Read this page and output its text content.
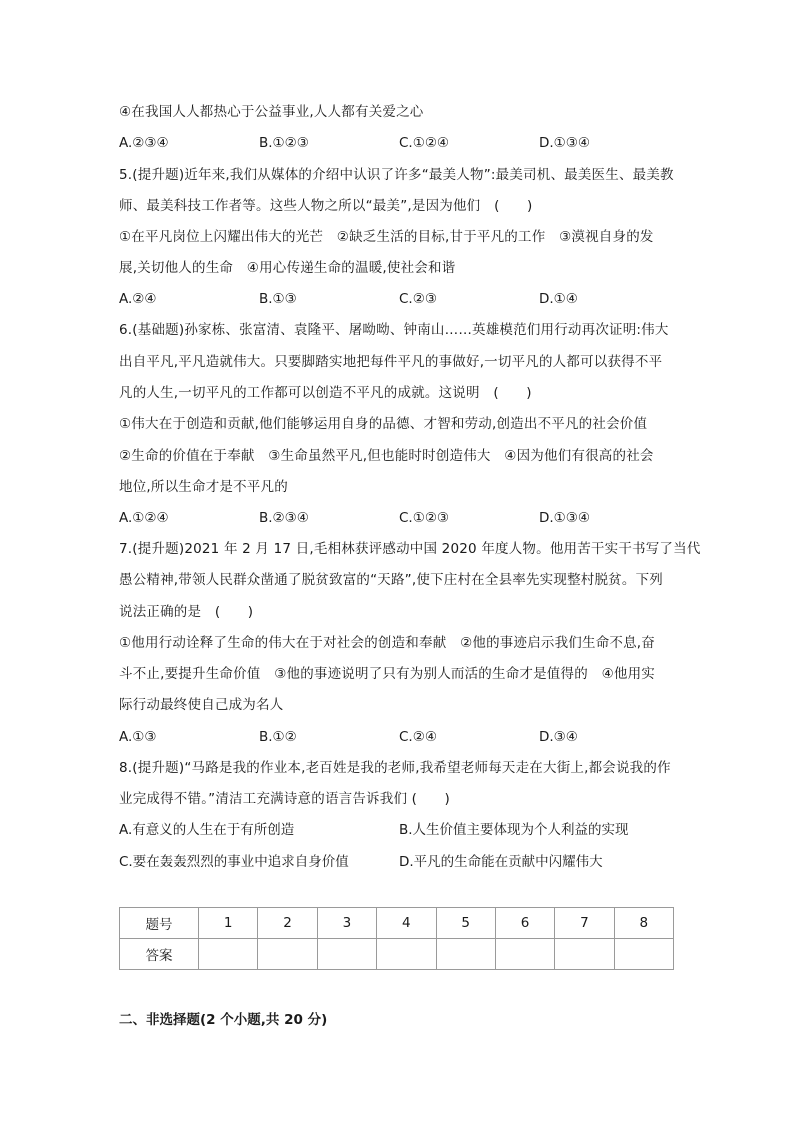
④在我国人人都热心于公益事业,人人都有关爱之心
A.②③④	B.①②③	C.①②④	D.①③④
5.(提升题)近年来,我们从媒体的介绍中认识了许多“最美人物”:最美司机、最美医生、最美教
师、最美科技工作者等。这些人物之所以“最美”,是因为他们　(　　)
①在平凡岗位上闪耀出伟大的光芒　②缺乏生活的目标,甘于平凡的工作　③漠视自身的发
展,关切他人的生命　④用心传递生命的温暖,使社会和谐
A.②④	B.①③	C.②③	D.①④
6.(基础题)孙家栋、张富清、袁隆平、屠呦呦、钟南山……英雄模范们用行动再次证明:伟大
出自平凡,平凡造就伟大。只要脚踏实地把每件平凡的事做好,一切平凡的人都可以获得不平
凡的人生,一切平凡的工作都可以创造不平凡的成就。这说明　(　　)
①伟大在于创造和贡献,他们能够运用自身的品德、才智和劳动,创造出不平凡的社会价值
②生命的价值在于奉献　③生命虽然平凡,但也能时时创造伟大　④因为他们有很高的社会
地位,所以生命才是不平凡的
A.①②④	B.②③④	C.①②③	D.①③④
7.(提升题)2021 年 2 月 17 日,毛相林获评感动中国 2020 年度人物。他用苦干实干书写了当代
愚公精神,带领人民群众凿通了脱贫致富的“天路”,使下庄村在全县率先实现整村脱贫。下列
说法正确的是　(　　)
①他用行动诠释了生命的伟大在于对社会的创造和奉献　②他的事迹启示我们生命不息,奋
斗不止,要提升生命价值　③他的事迹说明了只有为别人而活的生命才是值得的　④他用实
际行动最终使自己成为名人
A.①③	B.①②	C.②④	D.③④
8.(提升题)“马路是我的作业本,老百姓是我的老师,我希望老师每天走在大街上,都会说我的作
业完成得不错。”清洁工充满诗意的语言告诉我们 (　　)
A.有意义的人生在于有所创造	B.人生价值主要体现为个人利益的实现
C.要在轰轰烈烈的事业中追求自身价值	D.平凡的生命能在贡献中闪耀伟大
题号	1	2	3	4	5	6	7	8
答案								
二、非选择题(2 个小题,共 20 分)
